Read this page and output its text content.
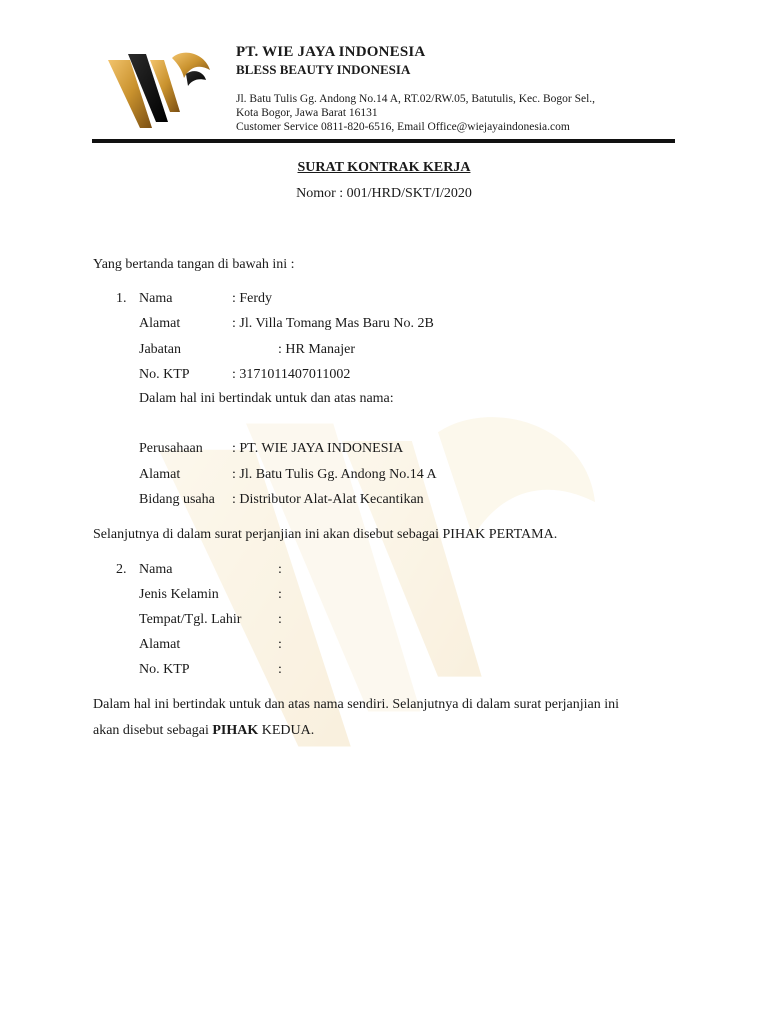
PT. WIE JAYA INDONESIA
BLESS BEAUTY INDONESIA
Jl. Batu Tulis Gg. Andong No.14 A, RT.02/RW.05, Batutulis, Kec. Bogor Sel.,
Kota Bogor, Jawa Barat 16131
Customer Service 0811-820-6516, Email Office@wiejayaindonesia.com
SURAT KONTRAK KERJA
Nomor : 001/HRD/SKT/I/2020
Yang bertanda tangan di bawah ini :
1. Nama	: Ferdy
Alamat	: Jl. Villa Tomang Mas Baru No. 2B
Jabatan	: HR Manajer
No. KTP	: 3171011407011002
Dalam hal ini bertindak untuk dan atas nama:
Perusahaan : PT. WIE JAYA INDONESIA
Alamat	: Jl. Batu Tulis Gg. Andong No.14 A
Bidang usaha : Distributor Alat-Alat Kecantikan
Selanjutnya di dalam surat perjanjian ini akan disebut sebagai PIHAK PERTAMA.
2. Nama	:
Jenis Kelamin	:
Tempat/Tgl. Lahir	:
Alamat	:
No. KTP	:
Dalam hal ini bertindak untuk dan atas nama sendiri. Selanjutnya di dalam surat perjanjian ini
akan disebut sebagai PIHAK KEDUA.
